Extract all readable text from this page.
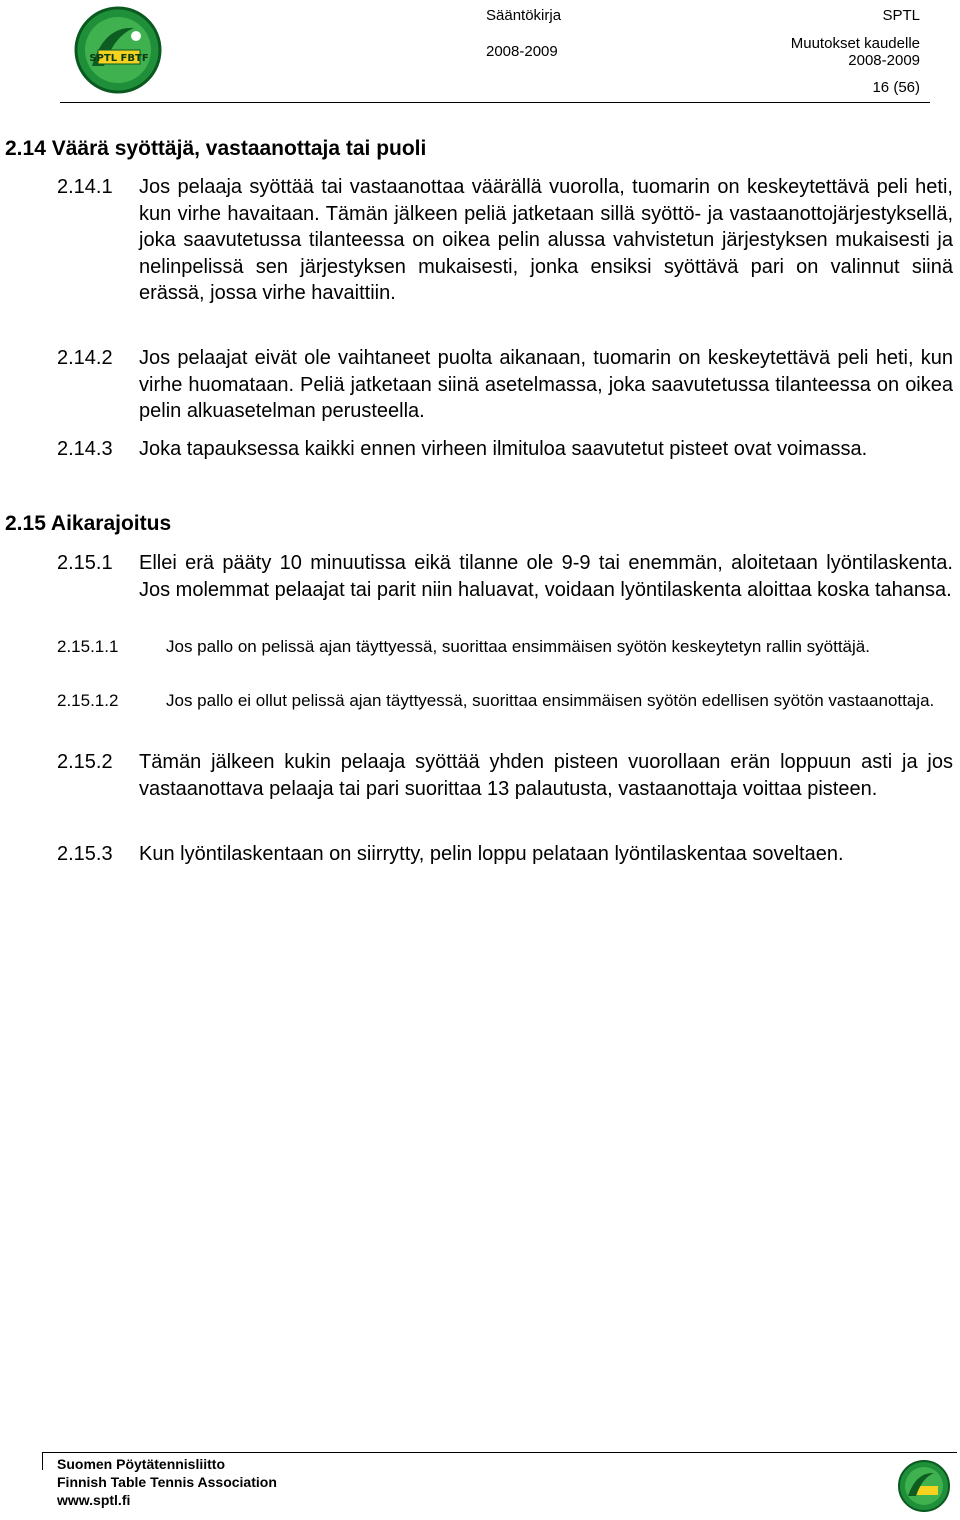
SPTL FBTF
Sääntökirja
2008-2009
SPTL
Muutokset kaudelle
2008-2009
16 (56)
2.14 Väärä syöttäjä, vastaanottaja tai puoli
2.14.1 Jos pelaaja syöttää tai vastaanottaa väärällä vuorolla, tuomarin on keskeytettävä peli heti, kun virhe havaitaan. Tämän jälkeen peliä jatketaan sillä syöttö- ja vastaanottojärjestyksellä, joka saavutetussa tilanteessa on oikea pelin alussa vahvistetun järjestyksen mukaisesti ja nelinpelissä sen järjestyksen mukaisesti, jonka ensiksi syöttävä pari on valinnut siinä erässä, jossa virhe havaittiin.
2.14.2 Jos pelaajat eivät ole vaihtaneet puolta aikanaan, tuomarin on keskeytettävä peli heti, kun virhe huomataan. Peliä jatketaan siinä asetelmassa, joka saavutetussa tilanteessa on oikea pelin alkuasetelman perusteella.
2.14.3 Joka tapauksessa kaikki ennen virheen ilmituloa saavutetut pisteet ovat voimassa.
2.15 Aikarajoitus
2.15.1 Ellei erä pääty 10 minuutissa eikä tilanne ole 9-9 tai enemmän, aloitetaan lyöntilaskenta. Jos molemmat pelaajat tai parit niin haluavat, voidaan lyöntilaskenta aloittaa koska tahansa.
2.15.1.1	Jos pallo on pelissä ajan täyttyessä, suorittaa ensimmäisen syötön keskeytetyn rallin syöttäjä.
2.15.1.2	Jos pallo ei ollut pelissä ajan täyttyessä, suorittaa ensimmäisen syötön edellisen syötön vastaanottaja.
2.15.2 Tämän jälkeen kukin pelaaja syöttää yhden pisteen vuorollaan erän loppuun asti ja jos vastaanottava pelaaja tai pari suorittaa 13 palautusta, vastaanottaja voittaa pisteen.
2.15.3 Kun lyöntilaskentaan on siirrytty, pelin loppu pelataan lyöntilaskentaa soveltaen.
Suomen Pöytätennisliitto
Finnish Table Tennis Association
www.sptl.fi
